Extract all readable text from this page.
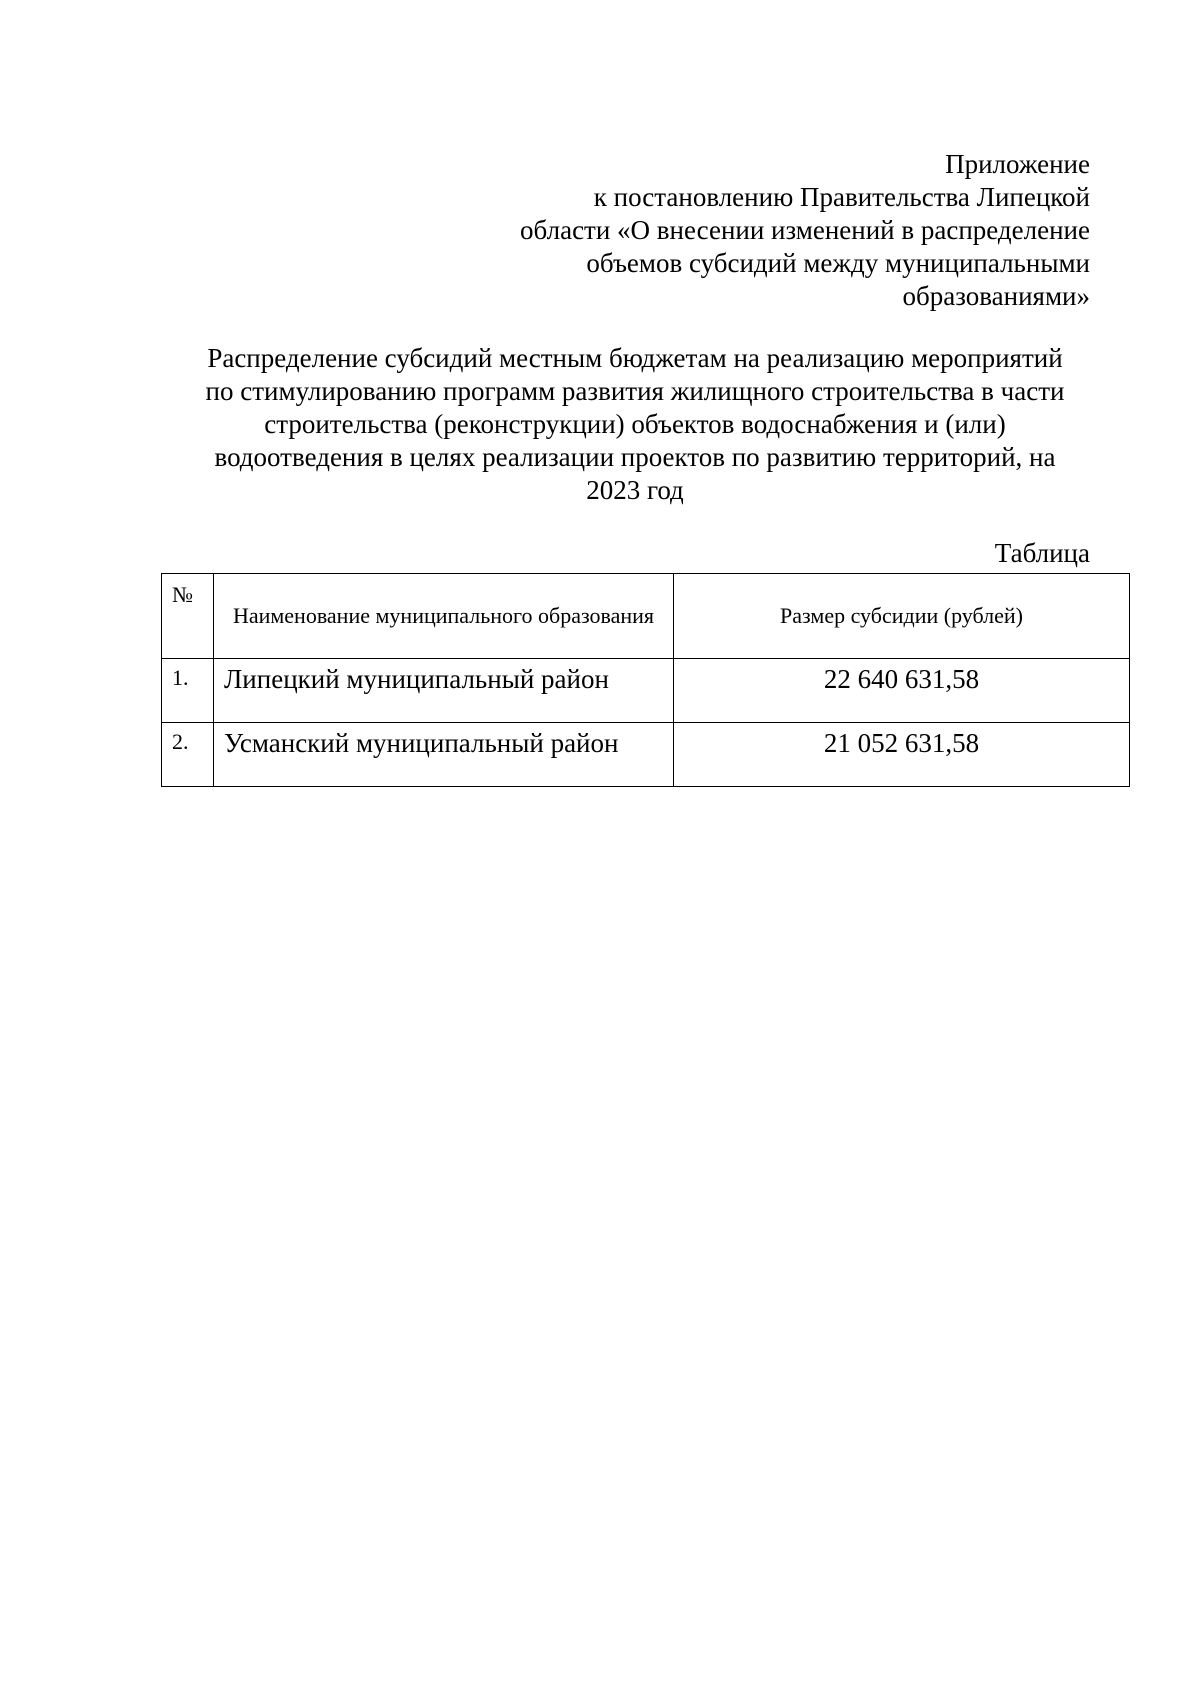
Приложение
к постановлению Правительства Липецкой
области «О внесении изменений в распределение
объемов субсидий между муниципальными
образованиями»
Распределение субсидий местным бюджетам на реализацию мероприятий
по стимулированию программ развития жилищного строительства в части
строительства (реконструкции) объектов водоснабжения и (или)
водоотведения в целях реализации проектов по развитию территорий, на
2023 год
Таблица
№	Наименование муниципального образования	Размер субсидии (рублей)
1.	Липецкий муниципальный район	22 640 631,58
2.	Усманский муниципальный район	21 052 631,58
